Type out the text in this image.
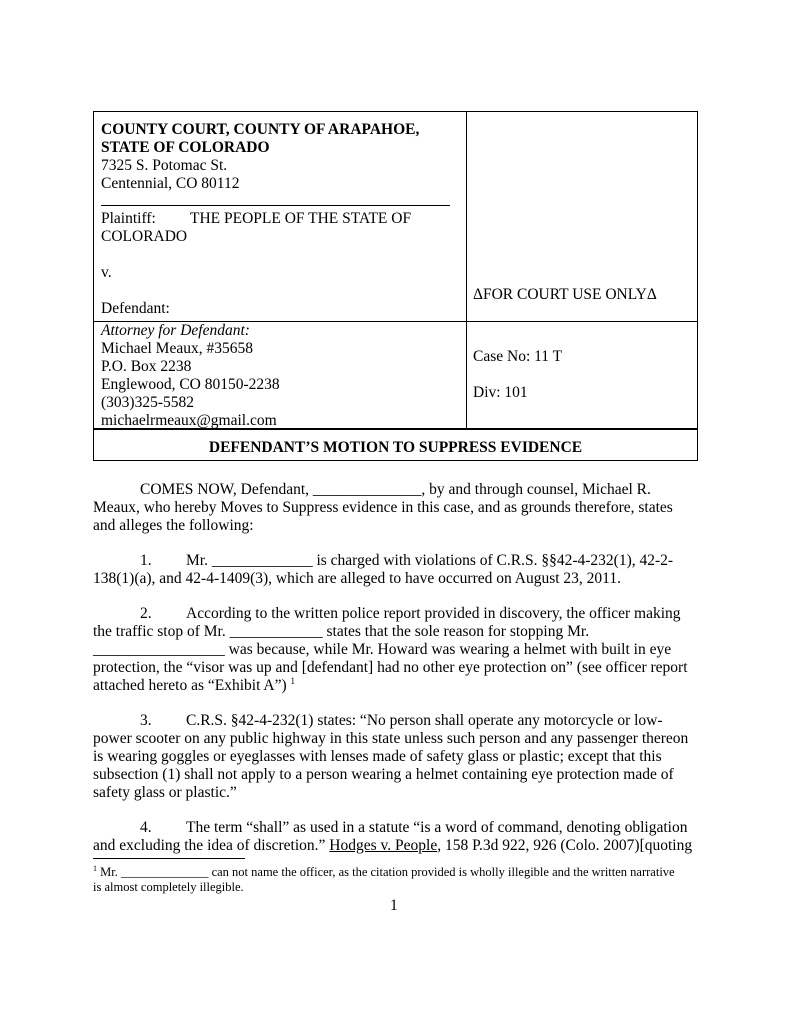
COUNTY COURT, COUNTY OF ARAPAHOE,
STATE OF COLORADO
7325 S. Potomac St.
Centennial, CO 80112
Plaintiff: THE PEOPLE OF THE STATE OF
COLORADO
v.
Defendant:
ΔFOR COURT USE ONLYΔ
Attorney for Defendant:
Michael Meaux, #35658
P.O. Box 2238
Englewood, CO 80150-2238
(303)325-5582
michaelrmeaux@gmail.com
Case No: 11 T
Div: 101
DEFENDANT’S MOTION TO SUPPRESS EVIDENCE
COMES NOW, Defendant, ______________, by and through counsel, Michael R.
Meaux, who hereby Moves to Suppress evidence in this case, and as grounds therefore, states
and alleges the following:
1. Mr. _____________ is charged with violations of C.R.S. §§42-4-232(1), 42-2-
138(1)(a), and 42-4-1409(3), which are alleged to have occurred on August 23, 2011.
2. According to the written police report provided in discovery, the officer making
the traffic stop of Mr. ____________ states that the sole reason for stopping Mr.
_________________ was because, while Mr. Howard was wearing a helmet with built in eye
protection, the “visor was up and [defendant] had no other eye protection on” (see officer report
attached hereto as “Exhibit A”) $^1$
3. C.R.S. §42-4-232(1) states: “No person shall operate any motorcycle or low-
power scooter on any public highway in this state unless such person and any passenger thereon
is wearing goggles or eyeglasses with lenses made of safety glass or plastic; except that this
subsection (1) shall not apply to a person wearing a helmet containing eye protection made of
safety glass or plastic.”
4. The term “shall” as used in a statute “is a word of command, denoting obligation
and excluding the idea of discretion.” Hodges v. People, 158 P.3d 922, 926 (Colo. 2007)[quoting
$^1$ Mr. ______________ can not name the officer, as the citation provided is wholly illegible and the written narrative
is almost completely illegible.
1
